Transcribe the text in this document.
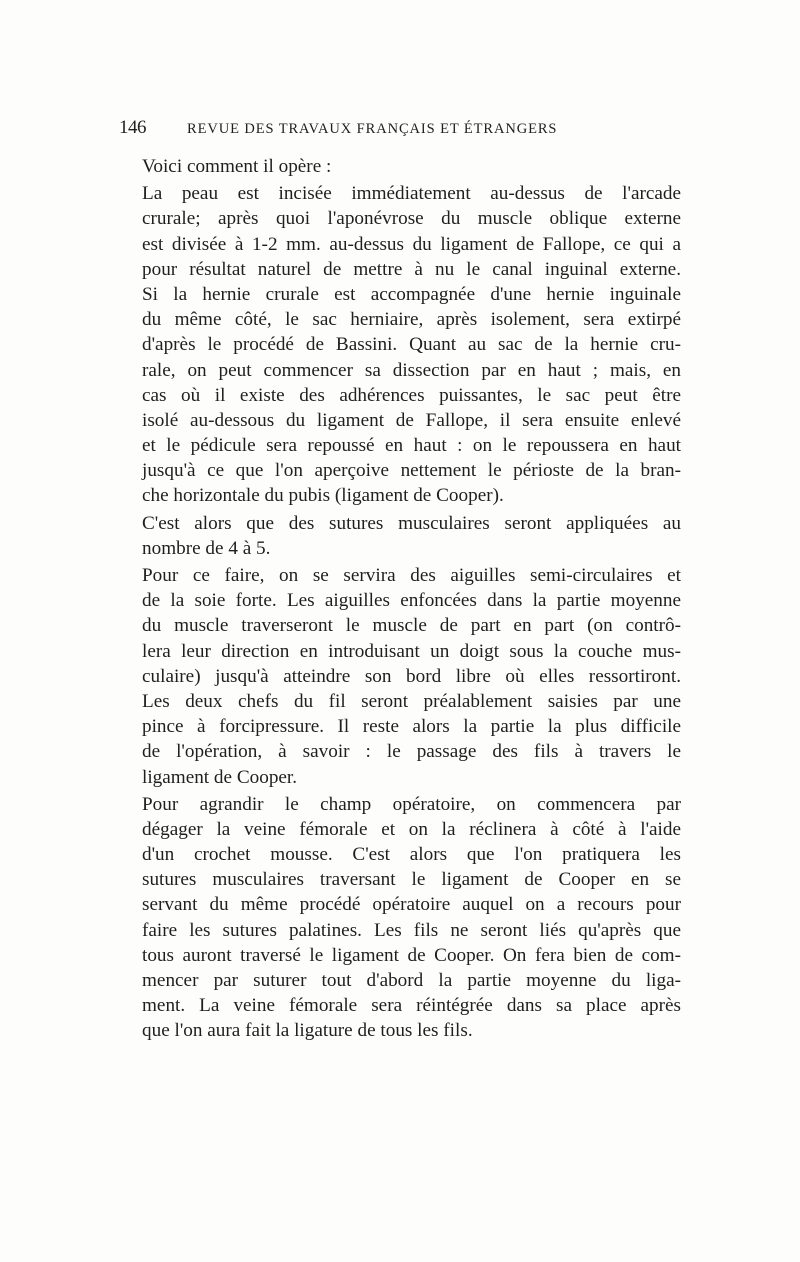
146	REVUE DES TRAVAUX FRANÇAIS ET ÉTRANGERS
Voici comment il opère :
La peau est incisée immédiatement au-dessus de l'arcade
crurale; après quoi l'aponévrose du muscle oblique externe
est divisée à 1-2 mm. au-dessus du ligament de Fallope, ce qui a
pour résultat naturel de mettre à nu le canal inguinal externe.
Si la hernie crurale est accompagnée d'une hernie inguinale
du même côté, le sac herniaire, après isolement, sera extirpé
d'après le procédé de Bassini. Quant au sac de la hernie cru-
rale, on peut commencer sa dissection par en haut ; mais, en
cas où il existe des adhérences puissantes, le sac peut être
isolé au-dessous du ligament de Fallope, il sera ensuite enlevé
et le pédicule sera repoussé en haut : on le repoussera en haut
jusqu'à ce que l'on aperçoive nettement le périoste de la bran-
che horizontale du pubis (ligament de Cooper).
C'est alors que des sutures musculaires seront appliquées au
nombre de 4 à 5.
Pour ce faire, on se servira des aiguilles semi-circulaires et
de la soie forte. Les aiguilles enfoncées dans la partie moyenne
du muscle traverseront le muscle de part en part (on contrô-
lera leur direction en introduisant un doigt sous la couche mus-
culaire) jusqu'à atteindre son bord libre où elles ressortiront.
Les deux chefs du fil seront préalablement saisies par une
pince à forcipressure. Il reste alors la partie la plus difficile
de l'opération, à savoir : le passage des fils à travers le
ligament de Cooper.
Pour agrandir le champ opératoire, on commencera par
dégager la veine fémorale et on la réclinera à côté à l'aide
d'un crochet mousse. C'est alors que l'on pratiquera les
sutures musculaires traversant le ligament de Cooper en se
servant du même procédé opératoire auquel on a recours pour
faire les sutures palatines. Les fils ne seront liés qu'après que
tous auront traversé le ligament de Cooper. On fera bien de com-
mencer par suturer tout d'abord la partie moyenne du liga-
ment. La veine fémorale sera réintégrée dans sa place après
que l'on aura fait la ligature de tous les fils.
